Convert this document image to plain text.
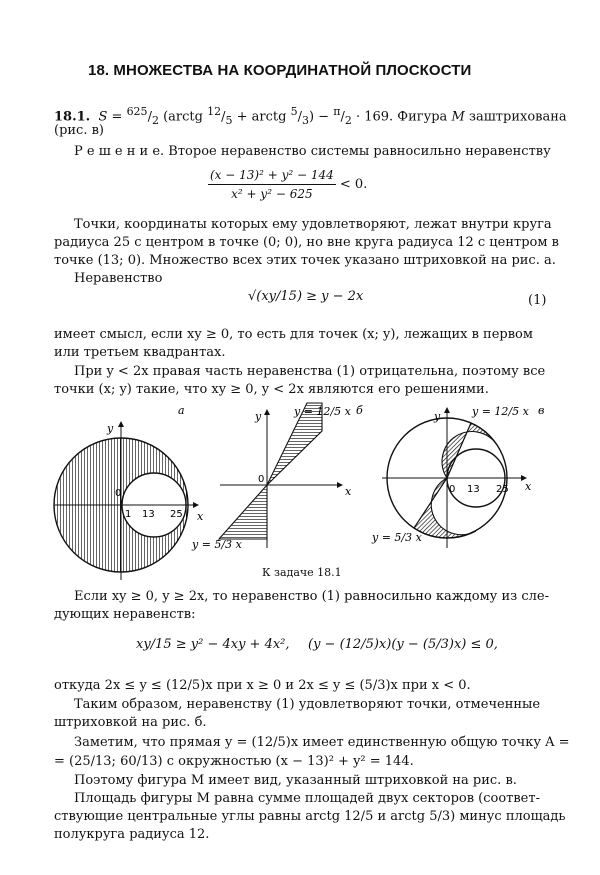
18. МНОЖЕСТВА НА КООРДИНАТНОЙ ПЛОСКОСТИ
18.1.  $S = ^{625}/_2$ (arctg $^{12}/_5$ + arctg $^5/_3) - ^\pi/_2 \cdot 169$. Фигура M заштрихована
(рис. в)
Р е ш е н и е. Второе неравенство системы равносильно неравенству
$\frac{\text{(x − 13)² + y² − 144}}{\text{x² + y² − 625}} < 0$.
Точки, координаты которых ему удовлетворяют, лежат внутри круга
радиуса 25 с центром в точке (0; 0), но вне круга радиуса 12 с центром в
точке (13; 0). Множество всех этих точек указано штриховкой на рис. а.
Неравенство
√(xy/15) ≥ y − 2x	(1)
имеет смысл, если xy ≥ 0, то есть для точек (x; y), лежащих в первом
или третьем квадрантах.
При y < 2x правая часть неравенства (1) отрицательна, поэтому все
точки (x; y) такие, что xy ≥ 0, y < 2x являются его решениями.
а
y
x
0
1 13 25
б
y
x
0
y = 12/5 x
y = 5/3 x
в
y
x
0 13 25
y = 12/5 x
y = 5/3 x
К задаче 18.1
Если xy ≥ 0, y ≥ 2x, то неравенство (1) равносильно каждому из сле-
дующих неравенств:
xy/15 ≥ y² − 4xy + 4x², (y − (12/5)x)(y − (5/3)x) ≤ 0,
откуда 2x ≤ y ≤ (12/5)x при x ≥ 0 и 2x ≤ y ≤ (5/3)x при x < 0.
Таким образом, неравенству (1) удовлетворяют точки, отмеченные
штриховкой на рис. б.
Заметим, что прямая y = (12/5)x имеет единственную общую точку A =
= (25/13; 60/13) с окружностью (x − 13)² + y² = 144.
Поэтому фигура M имеет вид, указанный штриховкой на рис. в.
Площадь фигуры M равна сумме площадей двух секторов (соответ-
ствующие центральные углы равны arctg 12/5 и arctg 5/3) минус площадь
полукруга радиуса 12.
